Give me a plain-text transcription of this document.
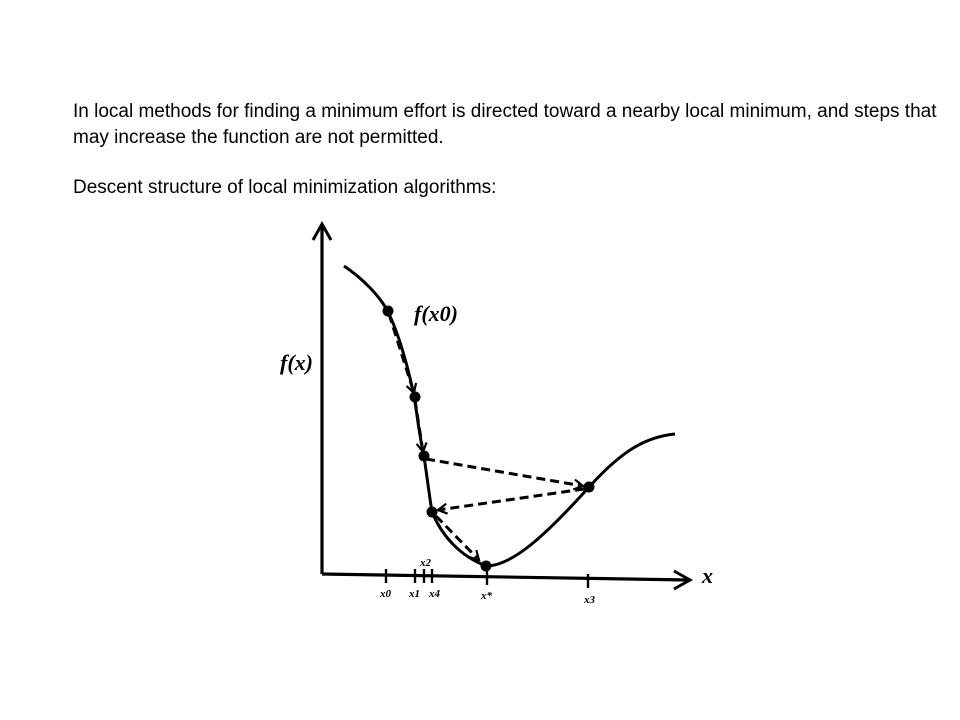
In local methods for finding a minimum effort is directed toward a nearby local minimum, and steps that may increase the function are not permitted.

Descent structure of local minimization algorithms:

f(x)
f(x0)
x
x0 x1
x2
x4	x*	x3
